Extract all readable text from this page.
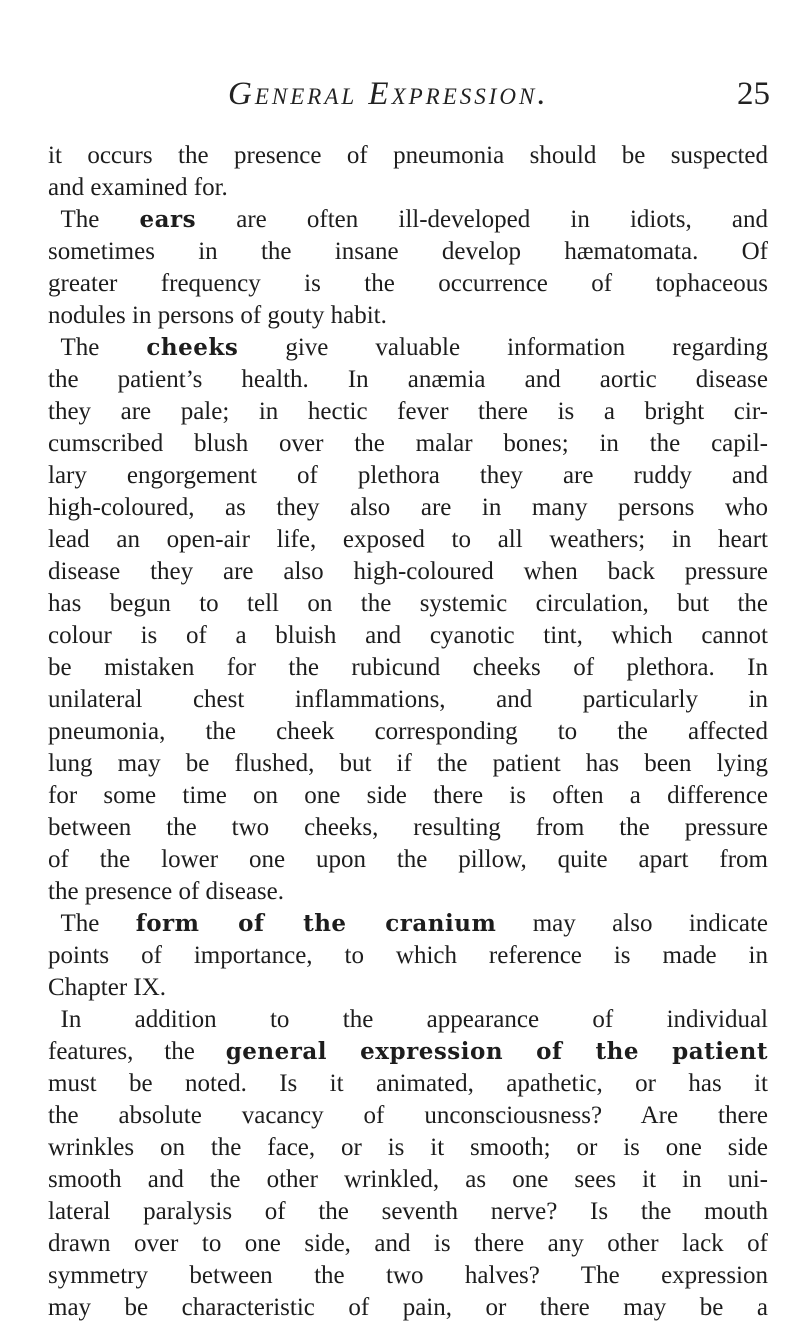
General Expression.	25

it occurs the presence of pneumonia should be suspected
and examined for.

 The ears are often ill-developed in idiots, and
sometimes in the insane develop hæmatomata. Of
greater frequency is the occurrence of tophaceous
nodules in persons of gouty habit.

 The cheeks give valuable information regarding
the patient’s health. In anæmia and aortic disease
they are pale; in hectic fever there is a bright cir-
cumscribed blush over the malar bones; in the capil-
lary engorgement of plethora they are ruddy and
high-coloured, as they also are in many persons who
lead an open-air life, exposed to all weathers; in heart
disease they are also high-coloured when back pressure
has begun to tell on the systemic circulation, but the
colour is of a bluish and cyanotic tint, which cannot
be mistaken for the rubicund cheeks of plethora. In
unilateral chest inflammations, and particularly in
pneumonia, the cheek corresponding to the affected
lung may be flushed, but if the patient has been lying
for some time on one side there is often a difference
between the two cheeks, resulting from the pressure
of the lower one upon the pillow, quite apart from
the presence of disease.

 The form of the cranium may also indicate
points of importance, to which reference is made in
Chapter IX.

 In addition to the appearance of individual
features, the general expression of the patient
must be noted. Is it animated, apathetic, or has it
the absolute vacancy of unconsciousness? Are there
wrinkles on the face, or is it smooth; or is one side
smooth and the other wrinkled, as one sees it in uni-
lateral paralysis of the seventh nerve? Is the mouth
drawn over to one side, and is there any other lack of
symmetry between the two halves? The expression
may be characteristic of pain, or there may be a
